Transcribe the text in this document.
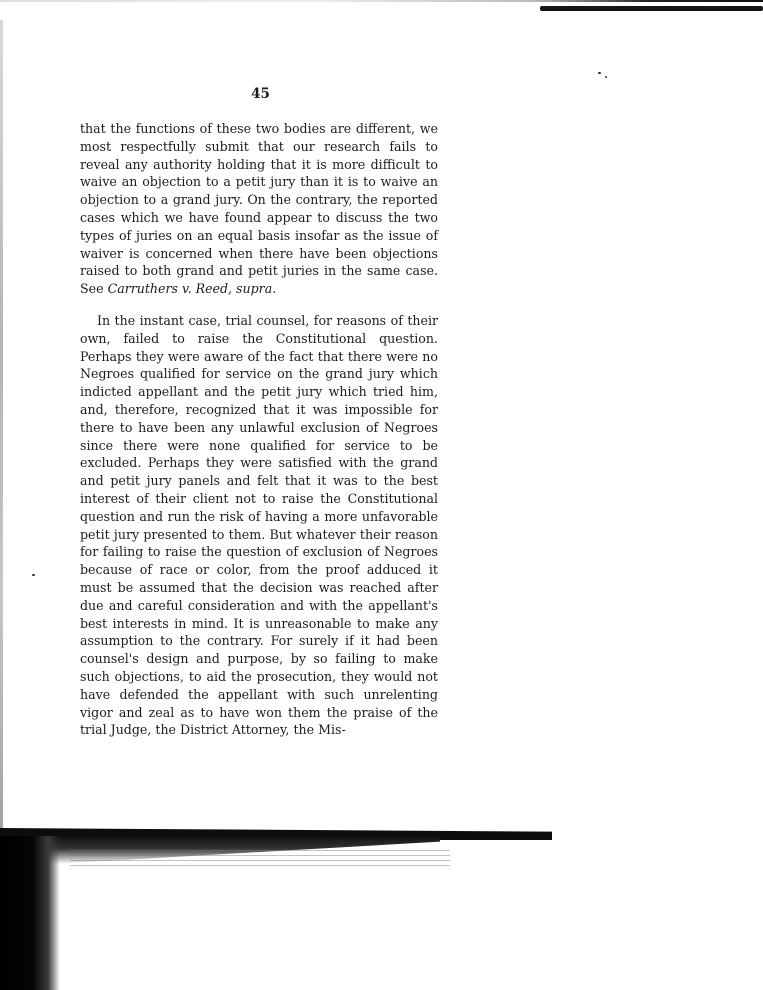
45

that the functions of these two bodies are different, we most respectfully submit that our research fails to reveal any authority holding that it is more difficult to waive an objection to a petit jury than it is to waive an objection to a grand jury. On the contrary, the reported cases which we have found appear to discuss the two types of juries on an equal basis insofar as the issue of waiver is concerned when there have been objections raised to both grand and petit juries in the same case. See Carruthers v. Reed, supra.

In the instant case, trial counsel, for reasons of their own, failed to raise the Constitutional question. Perhaps they were aware of the fact that there were no Negroes qualified for service on the grand jury which indicted appellant and the petit jury which tried him, and, therefore, recognized that it was impossible for there to have been any unlawful exclusion of Negroes since there were none qualified for service to be excluded. Perhaps they were satisfied with the grand and petit jury panels and felt that it was to the best interest of their client not to raise the Constitutional question and run the risk of having a more unfavorable petit jury presented to them. But whatever their reason for failing to raise the question of exclusion of Negroes because of race or color, from the proof adduced it must be assumed that the decision was reached after due and careful consideration and with the appellant's best interests in mind. It is unreasonable to make any assumption to the contrary. For surely if it had been counsel's design and purpose, by so failing to make such objections, to aid the prosecution, they would not have defended the appellant with such unrelenting vigor and zeal as to have won them the praise of the trial Judge, the District Attorney, the Mis-
